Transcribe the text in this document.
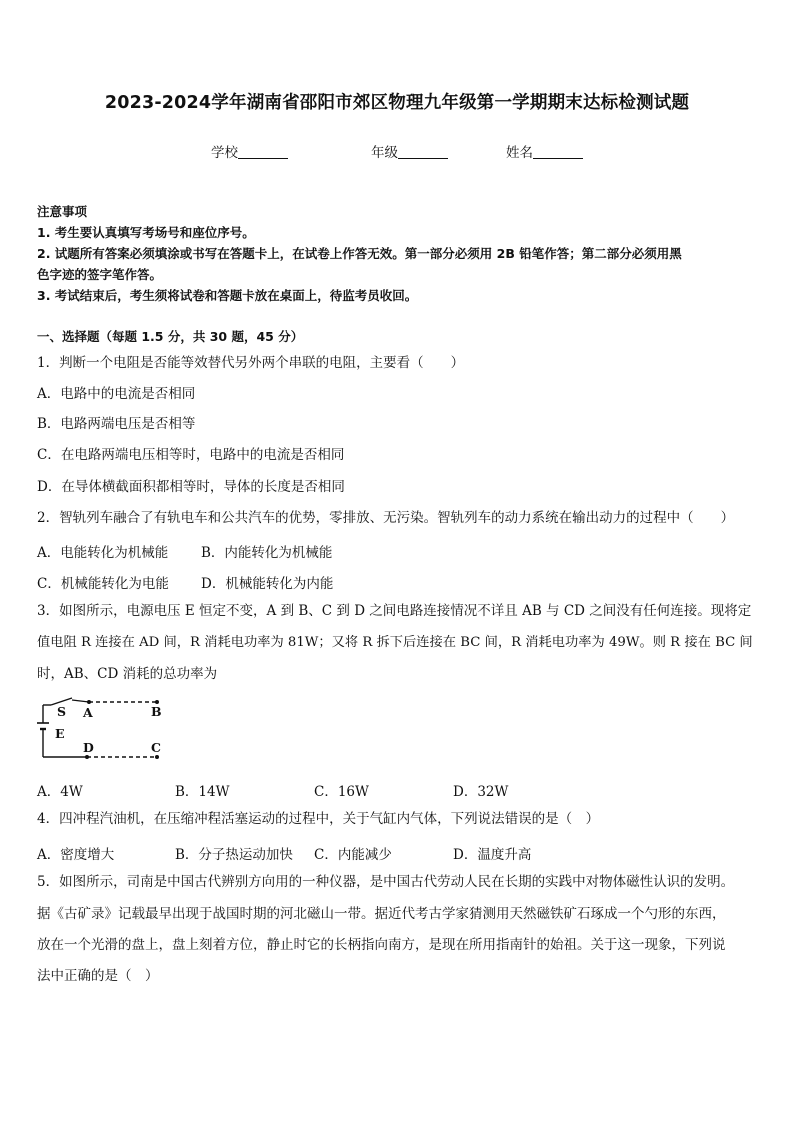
2023-2024学年湖南省邵阳市郊区物理九年级第一学期期末达标检测试题
学校	年级	姓名
注意事项
1. 考生要认真填写考场号和座位序号。
2. 试题所有答案必须填涂或书写在答题卡上，在试卷上作答无效。第一部分必须用 2B 铅笔作答；第二部分必须用黑
色字迹的签字笔作答。
3. 考试结束后，考生须将试卷和答题卡放在桌面上，待监考员收回。
一、选择题（每题 1.5 分，共 30 题，45 分）
1．判断一个电阻是否能等效替代另外两个串联的电阻，主要看（　　）
A．电路中的电流是否相同
B．电路两端电压是否相等
C．在电路两端电压相等时，电路中的电流是否相同
D．在导体横截面积都相等时，导体的长度是否相同
2．智轨列车融合了有轨电车和公共汽车的优势，零排放、无污染。智轨列车的动力系统在输出动力的过程中（　　）
A．电能转化为机械能 B．内能转化为机械能
C．机械能转化为电能 D．机械能转化为内能
3．如图所示，电源电压 E 恒定不变，A 到 B、C 到 D 之间电路连接情况不详且 AB 与 CD 之间没有任何连接。现将定
值电阻 R 连接在 AD 间，R 消耗电功率为 81W；又将 R 拆下后连接在 BC 间，R 消耗电功率为 49W。则 R 接在 BC 间
时，AB、CD 消耗的总功率为
S A	B
E
D	C
A．4W	B．14W	C．16W	D．32W
4．四冲程汽油机，在压缩冲程活塞运动的过程中，关于气缸内气体，下列说法错误的是（　）
A．密度增大	B．分子热运动加快 C．内能减少	D．温度升高
5．如图所示，司南是中国古代辨别方向用的一种仪器，是中国古代劳动人民在长期的实践中对物体磁性认识的发明。
据《古矿录》记载最早出现于战国时期的河北磁山一带。据近代考古学家猜测用天然磁铁矿石琢成一个勺形的东西，
放在一个光滑的盘上，盘上刻着方位，静止时它的长柄指向南方，是现在所用指南针的始祖。关于这一现象，下列说
法中正确的是（　）
